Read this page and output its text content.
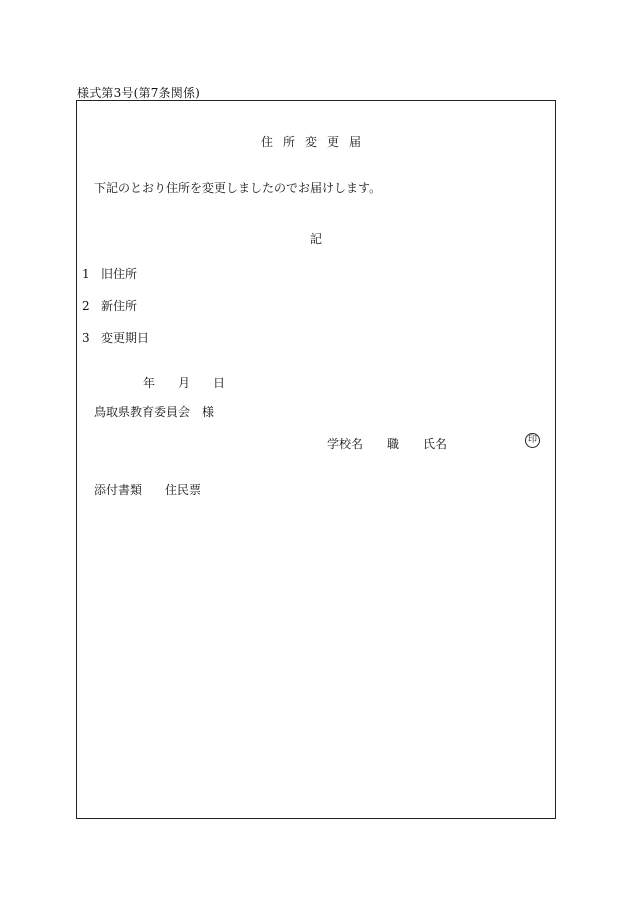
様式第3号(第7条関係)
住所変更届
下記のとおり住所を変更しましたのでお届けします。
記
1 旧住所
2 新住所
3 変更期日
年 月 日
鳥取県教育委員会 様
学校名 職 氏名	印
添付書類 住民票
